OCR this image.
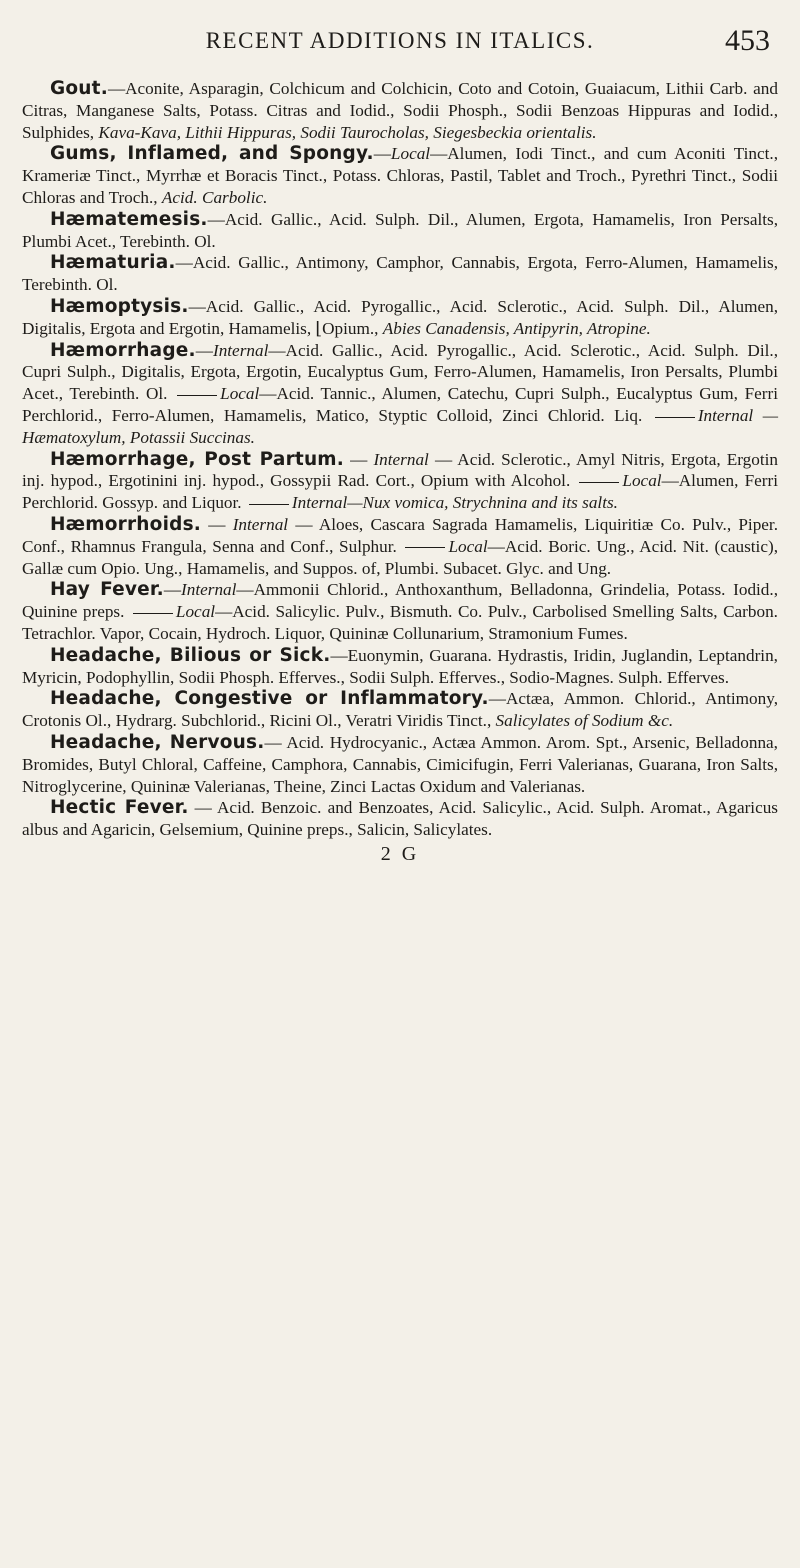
RECENT ADDITIONS IN ITALICS.	453

Gout.—Aconite, Asparagin, Colchicum and Colchicin, Coto and Cotoin, Guaiacum, Lithii Carb. and Citras, Manganese Salts, Potass. Citras and Iodid., Sodii Phosph., Sodii Benzoas Hippuras and Iodid., Sulphides, Kava-Kava, Lithii Hippuras, Sodii Taurocholas, Siegesbeckia orientalis.

Gums, Inflamed, and Spongy.—Local—Alumen, Iodi Tinct., and cum Aconiti Tinct., Krameriæ Tinct., Myrrhæ et Boracis Tinct., Potass. Chloras, Pastil, Tablet and Troch., Pyrethri Tinct., Sodii Chloras and Troch., Acid. Carbolic.

Hæmatemesis.—Acid. Gallic., Acid. Sulph. Dil., Alumen, Ergota, Hamamelis, Iron Persalts, Plumbi Acet., Terebinth. Ol.

Hæmaturia.—Acid. Gallic., Antimony, Camphor, Cannabis, Ergota, Ferro-Alumen, Hamamelis, Terebinth. Ol.

Hæmoptysis.—Acid. Gallic., Acid. Pyrogallic., Acid. Sclerotic., Acid. Sulph. Dil., Alumen, Digitalis, Ergota and Ergotin, Hamamelis, ⌊Opium., Abies Canadensis, Antipyrin, Atropine.

Hæmorrhage.—Internal—Acid. Gallic., Acid. Pyrogallic., Acid. Sclerotic., Acid. Sulph. Dil., Cupri Sulph., Digitalis, Ergota, Ergotin, Eucalyptus Gum, Ferro-Alumen, Hamamelis, Iron Persalts, Plumbi Acet., Terebinth. Ol.	Local—Acid. Tannic., Alumen, Catechu, Cupri Sulph., Eucalyptus Gum, Ferri Perchlorid., Ferro-Alumen, Hamamelis, Matico, Styptic Colloid, Zinci Chlorid. Liq.	Internal —Hæmatoxylum, Potassii Succinas.

Hæmorrhage, Post Partum. — Internal — Acid. Sclerotic., Amyl Nitris, Ergota, Ergotin inj. hypod., Ergotinini inj. hypod., Gossypii Rad. Cort., Opium with Alcohol.	Local—Alumen, Ferri Perchlorid. Gossyp. and Liquor.	Internal—Nux vomica, Strychnina and its salts.

Hæmorrhoids. — Internal — Aloes, Cascara Sagrada Hamamelis, Liquiritiæ Co. Pulv., Piper. Conf., Rhamnus Frangula, Senna and Conf., Sulphur.	Local—Acid. Boric. Ung., Acid. Nit. (caustic), Gallæ cum Opio. Ung., Hamamelis, and Suppos. of, Plumbi. Subacet. Glyc. and Ung.

Hay Fever.—Internal—Ammonii Chlorid., Anthoxanthum, Belladonna, Grindelia, Potass. Iodid., Quinine preps.	Local—Acid. Salicylic. Pulv., Bismuth. Co. Pulv., Carbolised Smelling Salts, Carbon. Tetrachlor. Vapor, Cocain, Hydroch. Liquor, Quininæ Collunarium, Stramonium Fumes.

Headache, Bilious or Sick.—Euonymin, Guarana. Hydrastis, Iridin, Juglandin, Leptandrin, Myricin, Podophyllin, Sodii Phosph. Efferves., Sodii Sulph. Efferves., Sodio-Magnes. Sulph. Efferves.

Headache, Congestive or Inflammatory.—Actæa, Ammon. Chlorid., Antimony, Crotonis Ol., Hydrarg. Subchlorid., Ricini Ol., Veratri Viridis Tinct., Salicylates of Sodium &c.

Headache, Nervous.— Acid. Hydrocyanic., Actæa Ammon. Arom. Spt., Arsenic, Belladonna, Bromides, Butyl Chloral, Caffeine, Camphora, Cannabis, Cimicifugin, Ferri Valerianas, Guarana, Iron Salts, Nitroglycerine, Quininæ Valerianas, Theine, Zinci Lactas Oxidum and Valerianas.

Hectic Fever. — Acid. Benzoic. and Benzoates, Acid. Salicylic., Acid. Sulph. Aromat., Agaricus albus and Agaricin, Gelsemium, Quinine preps., Salicin, Salicylates.

2 G
